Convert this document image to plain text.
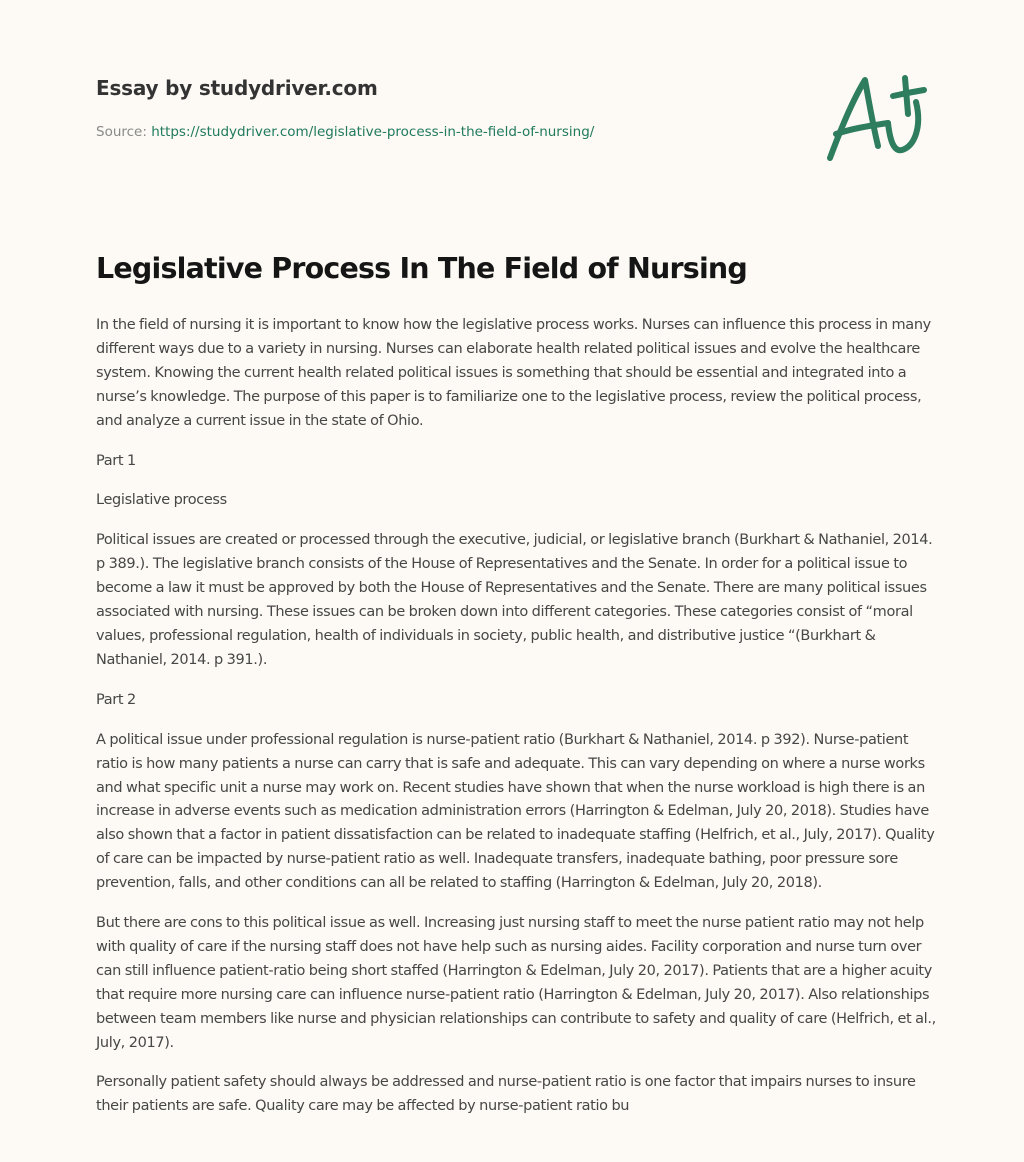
Essay by studydriver.com
Source: https://studydriver.com/legislative-process-in-the-field-of-nursing/
Legislative Process In The Field of Nursing

In the field of nursing it is important to know how the legislative process works. Nurses can influence this process in many different ways due to a variety in nursing. Nurses can elaborate health related political issues and evolve the healthcare system. Knowing the current health related political issues is something that should be essential and integrated into a nurse’s knowledge. The purpose of this paper is to familiarize one to the legislative process, review the political process, and analyze a current issue in the state of Ohio.

Part 1

Legislative process

Political issues are created or processed through the executive, judicial, or legislative branch (Burkhart & Nathaniel, 2014. p 389.). The legislative branch consists of the House of Representatives and the Senate. In order for a political issue to become a law it must be approved by both the House of Representatives and the Senate. There are many political issues associated with nursing. These issues can be broken down into different categories. These categories consist of “moral values, professional regulation, health of individuals in society, public health, and distributive justice “(Burkhart & Nathaniel, 2014. p 391.).

Part 2

A political issue under professional regulation is nurse-patient ratio (Burkhart & Nathaniel, 2014. p 392). Nurse-patient ratio is how many patients a nurse can carry that is safe and adequate. This can vary depending on where a nurse works and what specific unit a nurse may work on. Recent studies have shown that when the nurse workload is high there is an increase in adverse events such as medication administration errors (Harrington & Edelman, July 20, 2018). Studies have also shown that a factor in patient dissatisfaction can be related to inadequate staffing (Helfrich, et al., July, 2017). Quality of care can be impacted by nurse-patient ratio as well. Inadequate transfers, inadequate bathing, poor pressure sore prevention, falls, and other conditions can all be related to staffing (Harrington & Edelman, July 20, 2018).

But there are cons to this political issue as well. Increasing just nursing staff to meet the nurse patient ratio may not help with quality of care if the nursing staff does not have help such as nursing aides. Facility corporation and nurse turn over can still influence patient-ratio being short staffed (Harrington & Edelman, July 20, 2017). Patients that are a higher acuity that require more nursing care can influence nurse-patient ratio (Harrington & Edelman, July 20, 2017). Also relationships between team members like nurse and physician relationships can contribute to safety and quality of care (Helfrich, et al., July, 2017).

Personally patient safety should always be addressed and nurse-patient ratio is one factor that impairs nurses to insure their patients are safe. Quality care may be affected by nurse-patient ratio bu
